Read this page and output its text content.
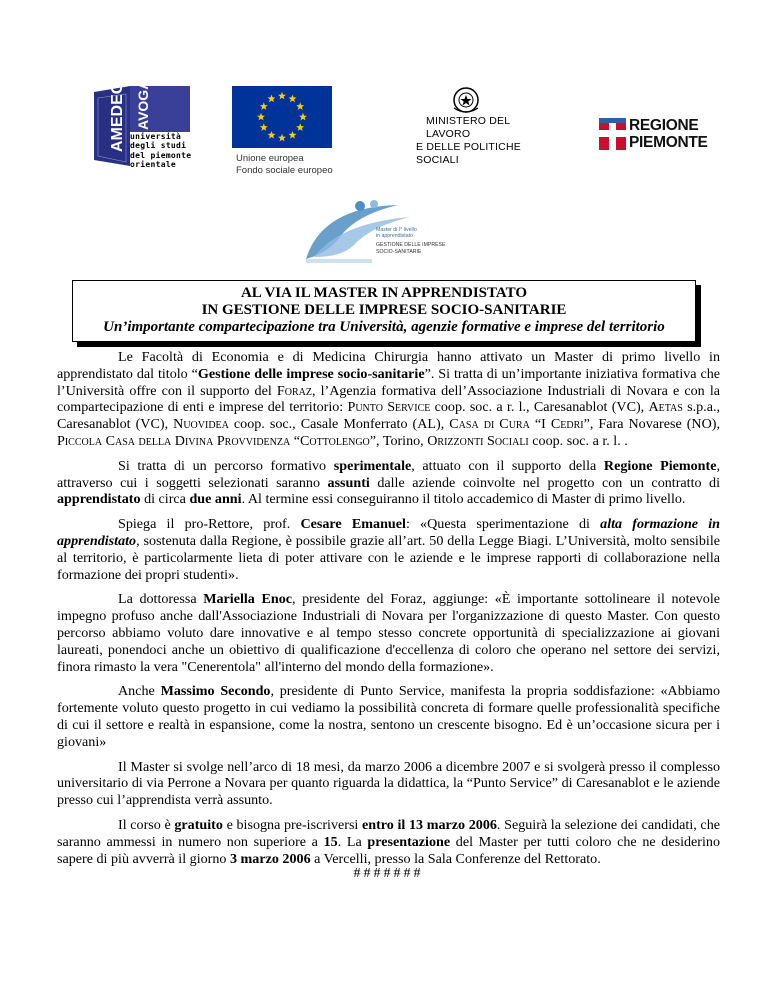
AMEDEO AVOGADRO
università
degli studi
del piemonte
orientale
Unione europea
Fondo sociale europeo
MINISTERO DEL LAVORO
E DELLE POLITICHE SOCIALI
REGIONE
PIEMONTE
Master di I° livello
in apprendistato
GESTIONE DELLE IMPRESE
SOCIO-SANITARIE
AL VIA IL MASTER IN APPRENDISTATO
IN GESTIONE DELLE IMPRESE SOCIO-SANITARIE
Un’importante compartecipazione tra Università, agenzie formative e imprese del territorio

Le Facoltà di Economia e di Medicina Chirurgia hanno attivato un Master di primo livello in apprendistato dal titolo “Gestione delle imprese socio-sanitarie”. Si tratta di un’importante iniziativa formativa che l’Università offre con il supporto del Foraz, l’Agenzia formativa dell’Associazione Industriali di Novara e con la compartecipazione di enti e imprese del territorio: Punto Service coop. soc. a r. l., Caresanablot (VC), Aetas s.p.a., Caresanablot (VC), Nuovidea coop. soc., Casale Monferrato (AL), Casa di Cura “I Cedri”, Fara Novarese (NO), Piccola Casa della Divina Provvidenza “Cottolengo”, Torino, Orizzonti Sociali coop. soc. a r. l. .

Si tratta di un percorso formativo sperimentale, attuato con il supporto della Regione Piemonte, attraverso cui i soggetti selezionati saranno assunti dalle aziende coinvolte nel progetto con un contratto di apprendistato di circa due anni. Al termine essi conseguiranno il titolo accademico di Master di primo livello.

Spiega il pro-Rettore, prof. Cesare Emanuel: «Questa sperimentazione di alta formazione in apprendistato, sostenuta dalla Regione, è possibile grazie all’art. 50 della Legge Biagi. L’Università, molto sensibile al territorio, è particolarmente lieta di poter attivare con le aziende e le imprese rapporti di collaborazione nella formazione dei propri studenti».

La dottoressa Mariella Enoc, presidente del Foraz, aggiunge: «È importante sottolineare il notevole impegno profuso anche dall'Associazione Industriali di Novara per l'organizzazione di questo Master. Con questo percorso abbiamo voluto dare innovative e al tempo stesso concrete opportunità di specializzazione ai giovani laureati, ponendoci anche un obiettivo di qualificazione d'eccellenza di coloro che operano nel settore dei servizi, finora rimasto la vera "Cenerentola" all'interno del mondo della formazione».

Anche Massimo Secondo, presidente di Punto Service, manifesta la propria soddisfazione: «Abbiamo fortemente voluto questo progetto in cui vediamo la possibilità concreta di formare quelle professionalità specifiche di cui il settore e realtà in espansione, come la nostra, sentono un crescente bisogno. Ed è un’occasione sicura per i giovani»

Il Master si svolge nell’arco di 18 mesi, da marzo 2006 a dicembre 2007 e si svolgerà presso il complesso universitario di via Perrone a Novara per quanto riguarda la didattica, la “Punto Service” di Caresanablot e le aziende presso cui l’apprendista verrà assunto.

Il corso è gratuito e bisogna pre-iscriversi entro il 13 marzo 2006. Seguirà la selezione dei candidati, che saranno ammessi in numero non superiore a 15. La presentazione del Master per tutti coloro che ne desiderino sapere di più avverrà il giorno 3 marzo 2006 a Vercelli, presso la Sala Conferenze del Rettorato.

#######
